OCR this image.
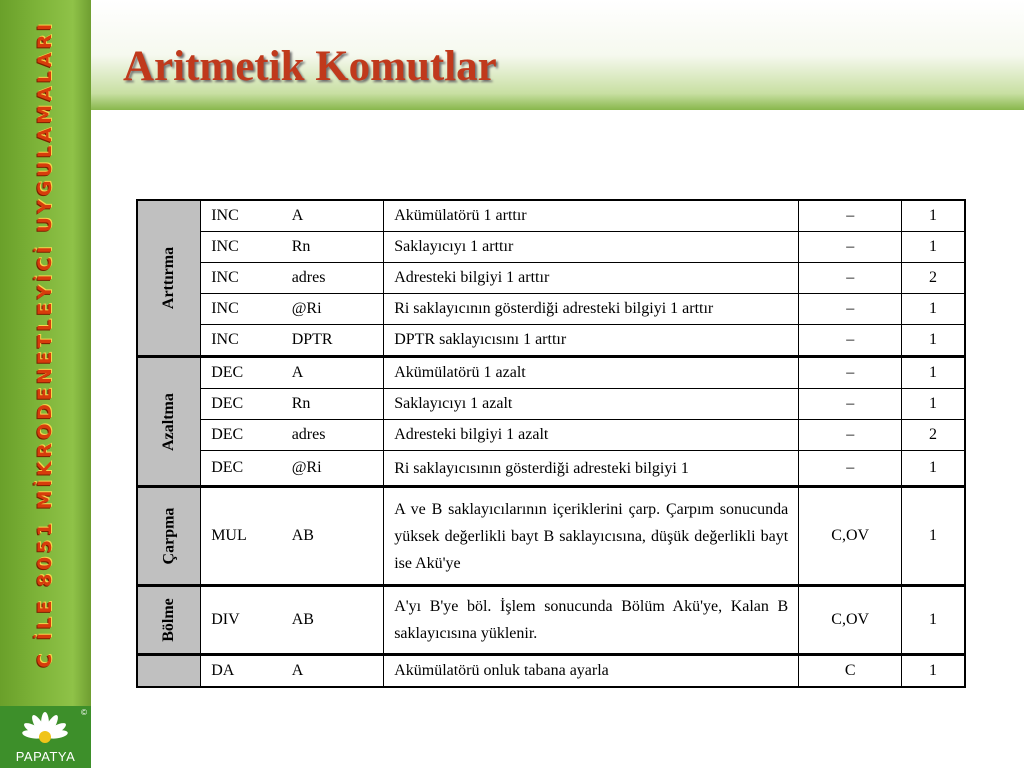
C İLE 8051 MİKRODENETLEYİCİ UYGULAMALARI
©
PAPATYA
Aritmetik Komutlar
Arttırma	INC	A	Akümülatörü 1 arttır	–	1
	INC	Rn	Saklayıcıyı 1 arttır	–	1
	INC	adres	Adresteki bilgiyi 1 arttır	–	2
	INC	@Ri	Ri saklayıcının gösterdiği adresteki bilgiyi 1 arttır	–	1
	INC	DPTR	DPTR saklayıcısını 1 arttır	–	1
Azaltma	DEC	A	Akümülatörü 1 azalt	–	1
	DEC	Rn	Saklayıcıyı 1 azalt	–	1
	DEC	adres	Adresteki bilgiyi 1 azalt	–	2
	DEC	@Ri	Ri saklayıcısının gösterdiği adresteki bilgiyi 1	–	1
Çarpma	MUL	AB	A ve B saklayıcılarının içeriklerini çarp. Çarpım sonucunda yüksek değerlikli bayt B saklayıcısına, düşük değerlikli bayt ise Akü'ye	C,OV	1
Bölme	DIV	AB	A'yı B'ye böl. İşlem sonucunda Bölüm Akü'ye, Kalan B saklayıcısına yüklenir.	C,OV	1
	DA	A	Akümülatörü onluk tabana ayarla	C	1
